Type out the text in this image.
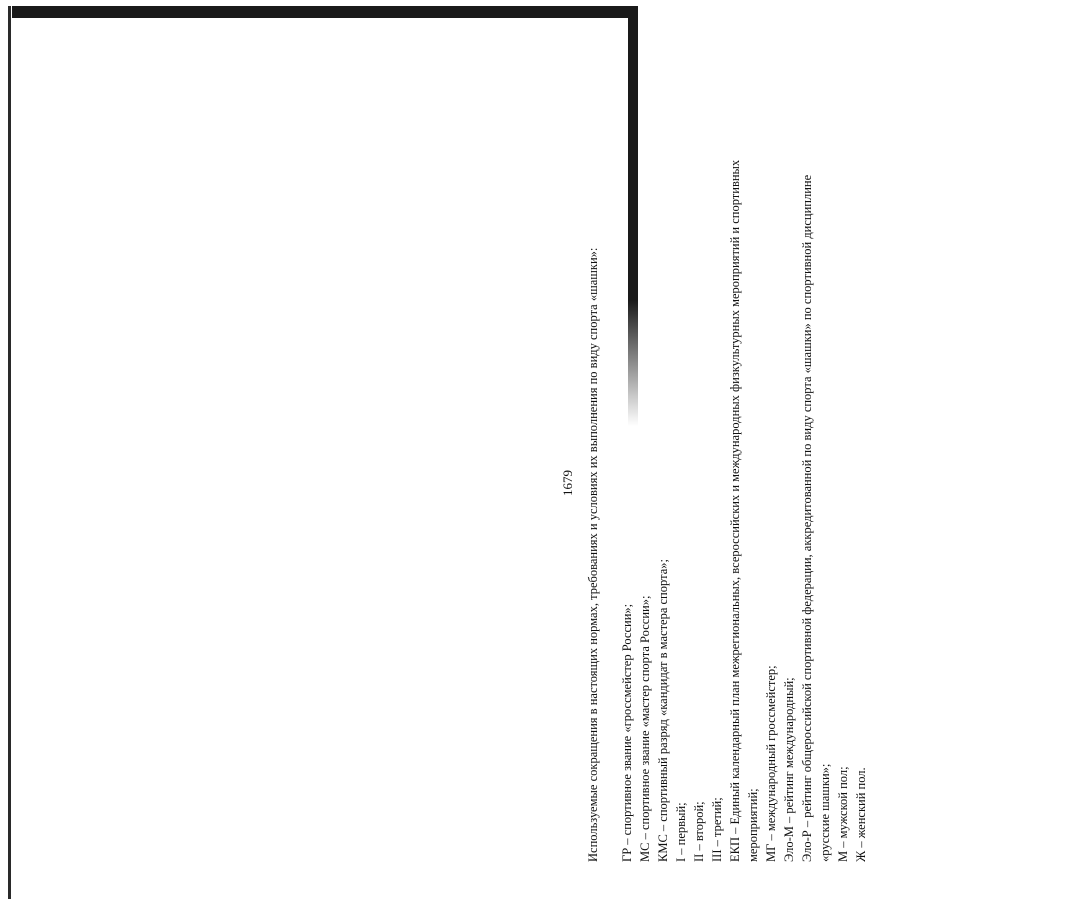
1679 Используемые сокращения в настоящих нормах, требованиях и условиях их выполнения по виду спорта «шашки»: ГР – спортивное звание «гроссмейстер России»; МС – спортивное звание «мастер спорта России»; КМС – спортивный разряд «кандидат в мастера спорта»; I – первый; II – второй; III – третий; ЕКП – Единый календарный план межрегиональных, всероссийских и международных физкультурных мероприятий и спортивных мероприятий; МГ – международный гроссмейстер; Эло-М – рейтинг международный; Эло-Р – рейтинг общероссийской спортивной федерации, аккредитованной по виду спорта «шашки» по спортивной дисциплине «русские шашки»; М – мужской пол; Ж – женский пол.
